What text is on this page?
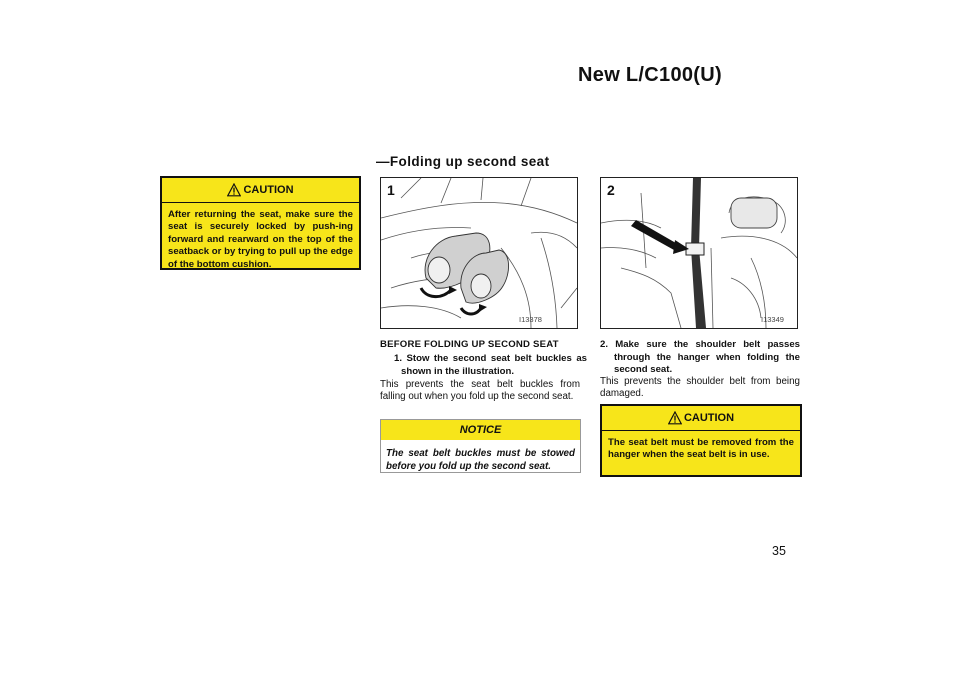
New L/C100(U)
—Folding up second seat
CAUTION
After returning the seat, make sure the seat is securely locked by push-ing forward and rearward on the top of the seatback or by trying to pull up the edge of the bottom cushion.
1
I13378
2
I13349
BEFORE FOLDING UP SECOND SEAT
1. Stow the second seat belt buckles as shown in the illustration.
This prevents the seat belt buckles from falling out when you fold up the second seat.
NOTICE
The seat belt buckles must be stowed before you fold up the second seat.
2. Make sure the shoulder belt passes through the hanger when folding the second seat.
This prevents the shoulder belt from being damaged.
CAUTION
The seat belt must be removed from the hanger when the seat belt is in use.
35
